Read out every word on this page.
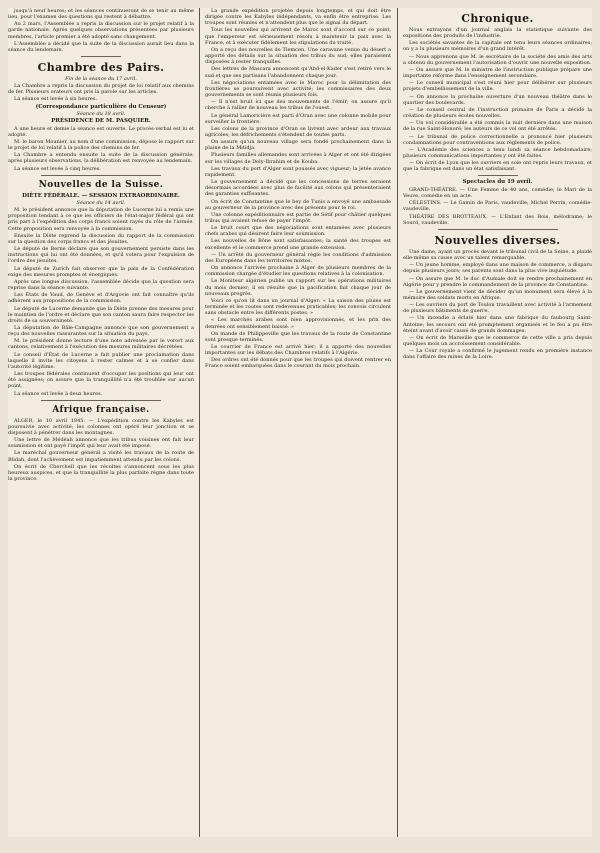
jusqu'à neuf heures; et les séances continueront de se tenir au même lieu, pour l'examen des questions qui restent à débattre.

Au 2 mars, l'Assemblée a repris la discussion sur le projet relatif à la garde nationale. Après quelques observations présentées par plusieurs membres, l'article premier a été adopté sans changement.

L'Assemblée a décidé que la suite de la discussion aurait lieu dans la séance du lendemain.

Chambre des Pairs.
Fin de la séance du 17 avril.

La Chambre a repris la discussion du projet de loi relatif aux chemins de fer. Plusieurs orateurs ont pris la parole sur les articles.

La séance est levée à six heures.

(Correspondance particulière du Censeur)
Séance du 18 avril.
PRÉSIDENCE DE M. PASQUIER.

A une heure et demie la séance est ouverte. Le procès-verbal est lu et adopté.

M. le baron Mounier, au nom d'une commission, dépose le rapport sur le projet de loi relatif à la police des chemins de fer.

La Chambre a entendu ensuite la suite de la discussion générale; après plusieurs observations, la délibération est renvoyée au lendemain.

La séance est levée à cinq heures.

Nouvelles de la Suisse.
DIÈTE FÉDÉRALE. — SESSION EXTRAORDINAIRE.
Séance du 14 avril.

M. le président annonce que la députation de Lucerne lui a remis une proposition tendant à ce que les officiers de l'état-major fédéral qui ont pris part à l'expédition des corps francs soient rayés du rôle de l'armée. Cette proposition sera renvoyée à la commission.

Ensuite la Diète reprend la discussion du rapport de la commission sur la question des corps francs et des jésuites.

Le député de Berne déclare que son gouvernement persiste dans les instructions qui lui ont été données, et qu'il votera pour l'expulsion de l'ordre des jésuites.

Le député de Zurich fait observer que la paix de la Confédération exige des mesures promptes et énergiques.

Après une longue discussion, l'assemblée décide que la question sera reprise dans la séance suivante.

Les États de Vaud, de Genève et d'Argovie ont fait connaître qu'ils adhèrent aux propositions de la commission.

Le député de Lucerne demande que la Diète prenne des mesures pour le maintien de l'ordre et déclare que son canton saura faire respecter les droits de sa souveraineté.

La députation de Bâle-Campagne annonce que son gouvernement a reçu des nouvelles rassurantes sur la situation du pays.

M. le président donne lecture d'une note adressée par le vorort aux cantons, relativement à l'exécution des mesures militaires décrétées.

Le conseil d'État de Lucerne a fait publier une proclamation dans laquelle il invite les citoyens à rester calmes et à se confier dans l'autorité légitime.

Les troupes fédérales continuent d'occuper les positions qui leur ont été assignées; on assure que la tranquillité n'a été troublée sur aucun point.

La séance est levée à deux heures.

Afrique française.

ALGER, le 10 avril 1845. — L'expédition contre les Kabyles est poursuivie avec activité; les colonnes ont opéré leur jonction et se disposent à pénétrer dans les montagnes.

Une lettre de Médéah annonce que les tribus voisines ont fait leur soumission et ont payé l'impôt qui leur avait été imposé.

Le maréchal gouverneur général a visité les travaux de la route de Blidah, dont l'achèvement est impatiemment attendu par les colons.

On écrit de Cherchell que les récoltes s'annoncent sous les plus heureux auspices, et que la tranquillité la plus parfaite règne dans toute la province.

La grande expédition projetée depuis longtemps, et qui doit être dirigée contre les Kabyles indépendants, va enfin être entreprise. Les troupes sont réunies et n'attendent plus que le signal du départ.

Tous les nouvelles qui arrivent de Maroc sont d'accord sur ce point, que l'empereur est sérieusement résolu à maintenir la paix avec la France, et à exécuter fidèlement les stipulations du traité.

On a reçu des nouvelles de Tlemcen. Une caravane venue du désert a apporté des détails sur la situation des tribus du sud; elles paraissent disposées à rester tranquilles.

Des lettres de Mascara annoncent qu'Abd-el-Kader s'est retiré vers le sud et que ses partisans l'abandonnent chaque jour.

Les négociations entamées avec le Maroc pour la délimitation des frontières se poursuivent avec activité; les commissaires des deux gouvernements se sont réunis plusieurs fois.

— Il n'est bruit ici que des mouvements de l'émir; on assure qu'il cherche à rallier de nouveau les tribus de l'ouest.

Le général Lamoricière est parti d'Oran avec une colonne mobile pour surveiller la frontière.

Les colons de la province d'Oran se livrent avec ardeur aux travaux agricoles; les défrichements s'étendent de toutes parts.

On assure qu'un nouveau village sera fondé prochainement dans la plaine de la Mitidja.

Plusieurs familles allemandes sont arrivées à Alger et ont été dirigées sur les villages de Dely-Ibrahim et de Kouba.

Les travaux du port d'Alger sont poussés avec vigueur; la jetée avance rapidement.

Le gouvernement a décidé que les concessions de terres seraient désormais accordées avec plus de facilité aux colons qui présenteraient des garanties suffisantes.

On écrit de Constantine que le bey de Tunis a envoyé une ambassade au gouverneur de la province avec des présents pour le roi.

Une colonne expéditionnaire est partie de Sétif pour châtier quelques tribus qui avaient refusé de payer l'impôt.

Le bruit court que des négociations sont entamées avec plusieurs chefs arabes qui désirent faire leur soumission.

Les nouvelles de Bône sont satisfaisantes; la santé des troupes est excellente et le commerce prend une grande extension.

— Un arrêté du gouverneur général règle les conditions d'admission des Européens dans les territoires mixtes.

On annonce l'arrivée prochaine à Alger de plusieurs membres de la commission chargée d'étudier les questions relatives à la colonisation.

Le Moniteur algérien publie un rapport sur les opérations militaires du mois dernier; il en résulte que la pacification fait chaque jour de nouveaux progrès.

Voici ce qu'on lit dans un journal d'Alger: « La saison des pluies est terminée et les routes sont redevenues praticables; les convois circulent sans obstacle entre les différents postes. »

« Les marchés arabes sont bien approvisionnés, et les prix des denrées ont sensiblement baissé. »

On mande de Philippeville que les travaux de la route de Constantine sont presque terminés.

Le courrier de France est arrivé hier; il a apporté des nouvelles importantes sur les débats des Chambres relatifs à l'Algérie.

Des ordres ont été donnés pour que les troupes qui doivent rentrer en France soient embarquées dans le courant du mois prochain.

Chronique.

Nous extrayons d'un journal anglais la statistique suivante des expositions des produits de l'industrie.

Les sociétés savantes de la capitale ont tenu leurs séances ordinaires; on y a lu plusieurs mémoires d'un grand intérêt.

— Nous apprenons que M. le secrétaire de la société des amis des arts a obtenu du gouvernement l'autorisation d'ouvrir une nouvelle exposition.

— On assure que M. le ministre de l'instruction publique prépare une importante réforme dans l'enseignement secondaire.

— Le conseil municipal s'est réuni hier pour délibérer sur plusieurs projets d'embellissement de la ville.

— On annonce la prochaine ouverture d'un nouveau théâtre dans le quartier des boulevards.

— Le conseil central de l'instruction primaire de Paris a décidé la création de plusieurs écoles nouvelles.

— Un vol considérable a été commis la nuit dernière dans une maison de la rue Saint-Honoré; les auteurs de ce vol ont été arrêtés.

— Le tribunal de police correctionnelle a prononcé hier plusieurs condamnations pour contraventions aux règlements de police.

— L'Académie des sciences a tenu lundi sa séance hebdomadaire; plusieurs communications importantes y ont été faites.

— On écrit de Lyon que les ouvriers en soie ont repris leurs travaux, et que la fabrique est dans un état satisfaisant.

Spectacles du 19 avril.

GRAND-THÉÂTRE. — Une Femme de 40 ans, comédie; le Mari de la Veuve, comédie en un acte.

CÉLESTINS. — Le Gamin de Paris, vaudeville; Michel Perrin, comédie-vaudeville.

THÉÂTRE DES BROTTEAUX. — L'Enfant des Bois, mélodrame; le Sourd, vaudeville.

Nouvelles diverses.

Une dame, ayant un procès devant le tribunal civil de la Seine, a plaidé elle-même sa cause avec un talent remarquable.

— Un jeune homme, employé dans une maison de commerce, a disparu depuis plusieurs jours; ses parents sont dans la plus vive inquiétude.

— On assure que M. le duc d'Aumale doit se rendre prochainement en Algérie pour y prendre le commandement de la province de Constantine.

— Le gouvernement vient de décider qu'un monument sera élevé à la mémoire des soldats morts en Afrique.

— Les ouvriers du port de Toulon travaillent avec activité à l'armement de plusieurs bâtiments de guerre.

— Un incendie a éclaté hier dans une fabrique du faubourg Saint-Antoine; les secours ont été promptement organisés et le feu a pu être éteint avant d'avoir causé de grands dommages.

— On écrit de Marseille que le commerce de cette ville a pris depuis quelques mois un accroissement considérable.

— La Cour royale a confirmé le jugement rendu en première instance dans l'affaire des mines de la Loire.
